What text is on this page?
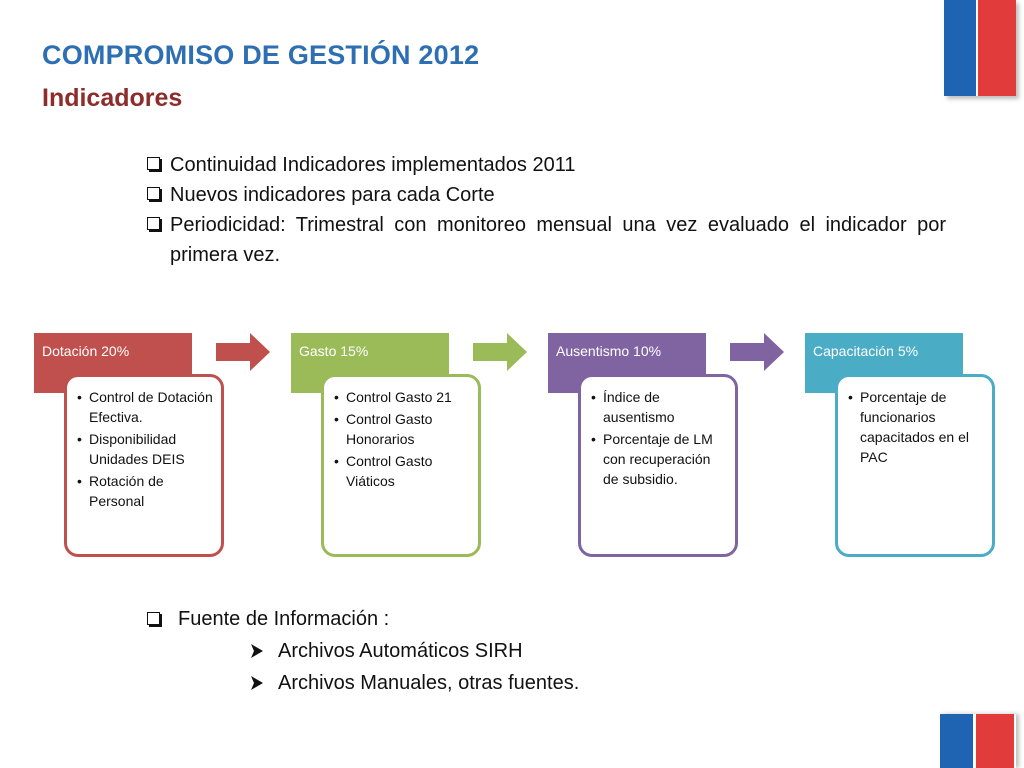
COMPROMISO DE GESTIÓN 2012
Indicadores
Continuidad Indicadores implementados 2011
Nuevos indicadores para cada Corte
Periodicidad: Trimestral con monitoreo mensual una vez evaluado el indicador por primera vez.
Dotación 20%
• Control de Dotación Efectiva.
• Disponibilidad Unidades DEIS
• Rotación de Personal
Gasto 15%
• Control Gasto 21
• Control Gasto Honorarios
• Control Gasto Viáticos
Ausentismo 10%
• Índice de ausentismo
• Porcentaje de LM con recuperación de subsidio.
Capacitación 5%
• Porcentaje de funcionarios capacitados en el PAC
Fuente de Información :
Archivos Automáticos SIRH
Archivos Manuales, otras fuentes.
